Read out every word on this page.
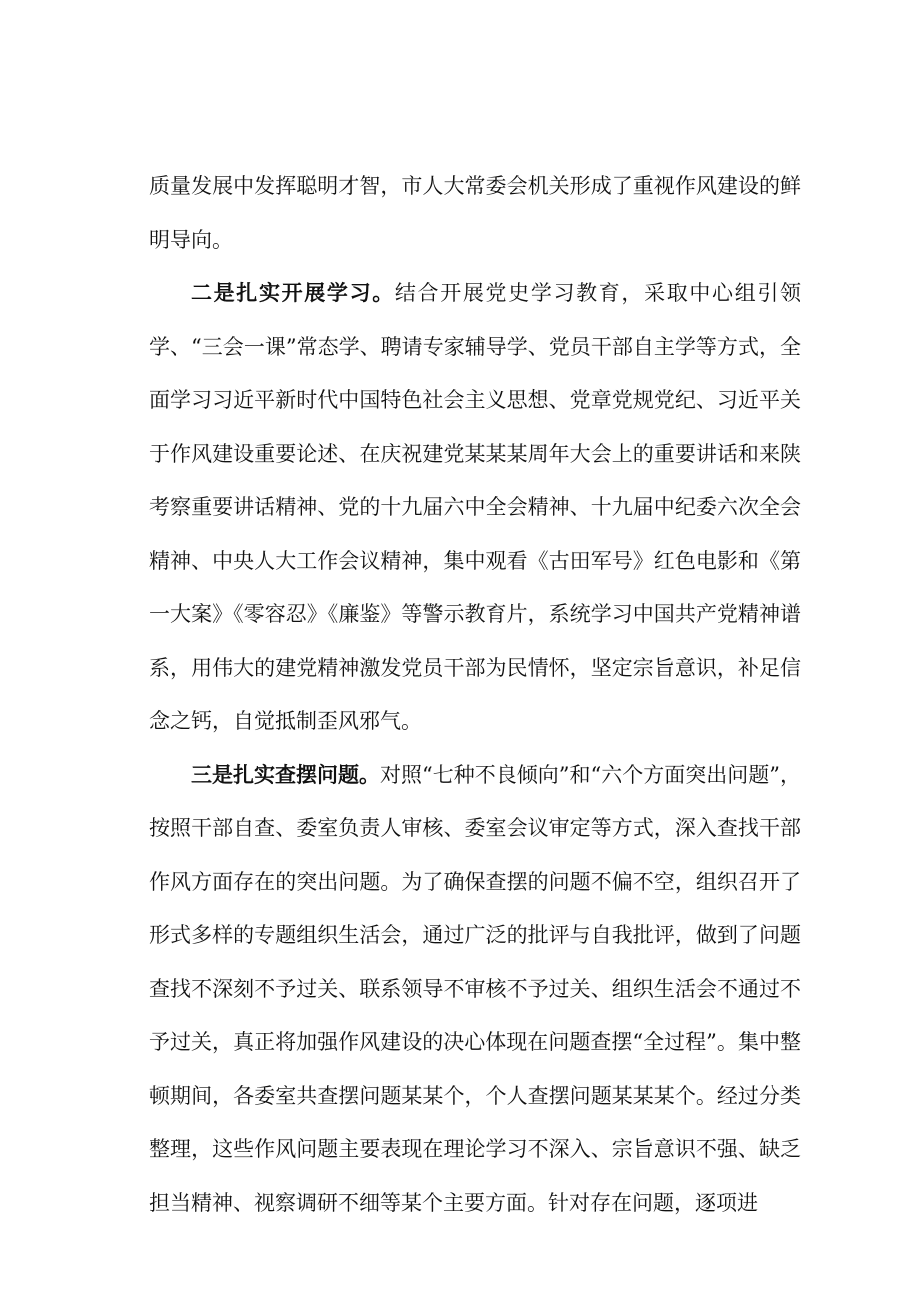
质量发展中发挥聪明才智，市人大常委会机关形成了重视作风建设的鲜明导向。

二是扎实开展学习。结合开展党史学习教育，采取中心组引领学、“三会一课”常态学、聘请专家辅导学、党员干部自主学等方式，全面学习习近平新时代中国特色社会主义思想、党章党规党纪、习近平关于作风建设重要论述、在庆祝建党某某某周年大会上的重要讲话和来陕考察重要讲话精神、党的十九届六中全会精神、十九届中纪委六次全会精神、中央人大工作会议精神，集中观看《古田军号》红色电影和《第一大案》《零容忍》《廉鉴》等警示教育片，系统学习中国共产党精神谱系，用伟大的建党精神激发党员干部为民情怀，坚定宗旨意识，补足信念之钙，自觉抵制歪风邪气。

三是扎实查摆问题。对照“七种不良倾向”和“六个方面突出问题”，按照干部自查、委室负责人审核、委室会议审定等方式，深入查找干部作风方面存在的突出问题。为了确保查摆的问题不偏不空，组织召开了形式多样的专题组织生活会，通过广泛的批评与自我批评，做到了问题查找不深刻不予过关、联系领导不审核不予过关、组织生活会不通过不予过关，真正将加强作风建设的决心体现在问题查摆“全过程”。集中整顿期间，各委室共查摆问题某某个，个人查摆问题某某某个。经过分类整理，这些作风问题主要表现在理论学习不深入、宗旨意识不强、缺乏担当精神、视察调研不细等某个主要方面。针对存在问题，逐项进
